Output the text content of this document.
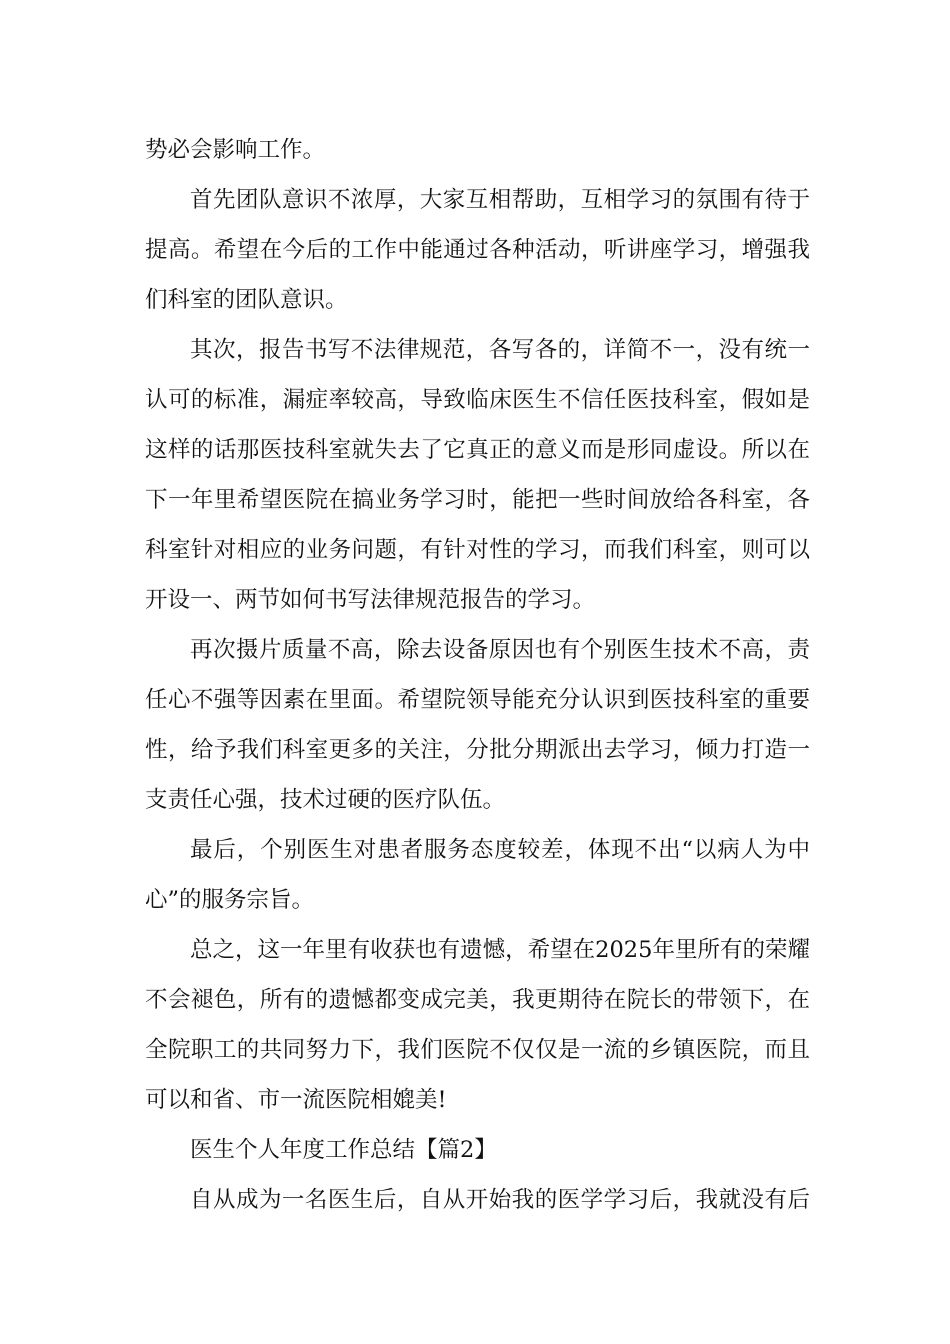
势必会影响工作。

首先团队意识不浓厚，大家互相帮助，互相学习的氛围有待于

提高。希望在今后的工作中能通过各种活动，听讲座学习，增强我

们科室的团队意识。

其次，报告书写不法律规范，各写各的，详简不一，没有统一

认可的标准，漏症率较高，导致临床医生不信任医技科室，假如是

这样的话那医技科室就失去了它真正的意义而是形同虚设。所以在

下一年里希望医院在搞业务学习时，能把一些时间放给各科室，各

科室针对相应的业务问题，有针对性的学习，而我们科室，则可以

开设一、两节如何书写法律规范报告的学习。

再次摄片质量不高，除去设备原因也有个别医生技术不高，责

任心不强等因素在里面。希望院领导能充分认识到医技科室的重要

性，给予我们科室更多的关注，分批分期派出去学习，倾力打造一

支责任心强，技术过硬的医疗队伍。

最后，个别医生对患者服务态度较差，体现不出“以病人为中

心”的服务宗旨。

总之，这一年里有收获也有遗憾，希望在2025年里所有的荣耀

不会褪色，所有的遗憾都变成完美，我更期待在院长的带领下，在

全院职工的共同努力下，我们医院不仅仅是一流的乡镇医院，而且

可以和省、市一流医院相媲美!

医生个人年度工作总结【篇2】

自从成为一名医生后，自从开始我的医学学习后，我就没有后
